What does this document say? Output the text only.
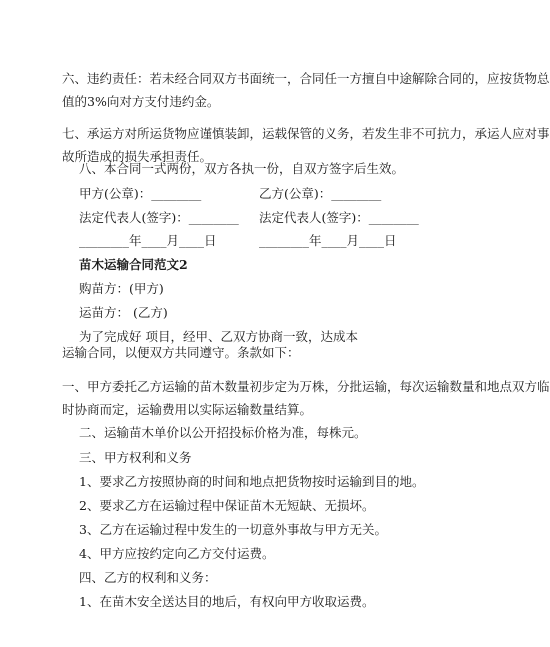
六、违约责任：若未经合同双方书面统一，合同任一方擅自中途解除合同的，应按货物总
值的3%向对方支付违约金。
七、承运方对所运货物应谨慎装卸，运载保管的义务，若发生非不可抗力，承运人应对事
故所造成的损失承担责任。
八、本合同一式两份，双方各执一份，自双方签字后生效。
甲方(公章)：________	乙方(公章)：________
法定代表人(签字)：________ 法定代表人(签字)：________
________年____月____日	________年____月____日
苗木运输合同范文2
购苗方：(甲方)
运苗方： (乙方)
为了完成好 项目，经甲、乙双方协商一致，达成本
运输合同，以便双方共同遵守。条款如下：
一、甲方委托乙方运输的苗木数量初步定为万株，分批运输，每次运输数量和地点双方临
时协商而定，运输费用以实际运输数量结算。
二、运输苗木单价以公开招投标价格为准，每株元。
三、甲方权利和义务
1、要求乙方按照协商的时间和地点把货物按时运输到目的地。
2、要求乙方在运输过程中保证苗木无短缺、无损坏。
3、乙方在运输过程中发生的一切意外事故与甲方无关。
4、甲方应按约定向乙方交付运费。
四、乙方的权利和义务：
1、在苗木安全送达目的地后，有权向甲方收取运费。
